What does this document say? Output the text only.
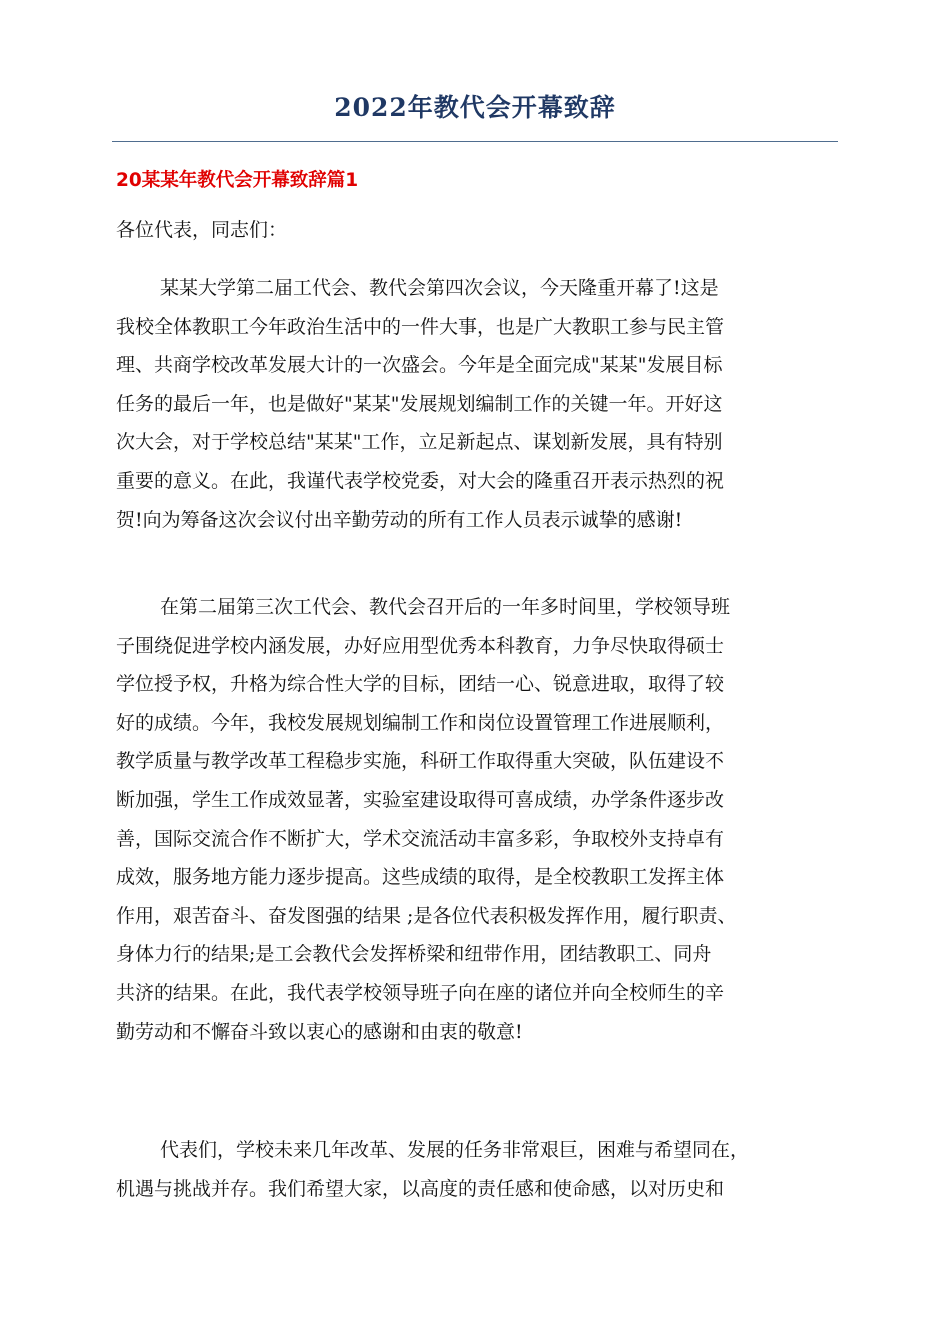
2022年教代会开幕致辞
20某某年教代会开幕致辞篇1

各位代表，同志们：

某某大学第二届工代会、教代会第四次会议，今天隆重开幕了!这是
我校全体教职工今年政治生活中的一件大事，也是广大教职工参与民主管
理、共商学校改革发展大计的一次盛会。今年是全面完成"某某"发展目标
任务的最后一年，也是做好"某某"发展规划编制工作的关键一年。开好这
次大会，对于学校总结"某某"工作，立足新起点、谋划新发展，具有特别
重要的意义。在此，我谨代表学校党委，对大会的隆重召开表示热烈的祝
贺!向为筹备这次会议付出辛勤劳动的所有工作人员表示诚挚的感谢!
在第二届第三次工代会、教代会召开后的一年多时间里，学校领导班
子围绕促进学校内涵发展，办好应用型优秀本科教育，力争尽快取得硕士
学位授予权，升格为综合性大学的目标，团结一心、锐意进取，取得了较
好的成绩。今年，我校发展规划编制工作和岗位设置管理工作进展顺利，
教学质量与教学改革工程稳步实施，科研工作取得重大突破，队伍建设不
断加强，学生工作成效显著，实验室建设取得可喜成绩，办学条件逐步改
善，国际交流合作不断扩大，学术交流活动丰富多彩，争取校外支持卓有
成效，服务地方能力逐步提高。这些成绩的取得，是全校教职工发挥主体
作用，艰苦奋斗、奋发图强的结果 ;是各位代表积极发挥作用，履行职责、
身体力行的结果;是工会教代会发挥桥梁和纽带作用，团结教职工、同舟
共济的结果。在此，我代表学校领导班子向在座的诸位并向全校师生的辛
勤劳动和不懈奋斗致以衷心的感谢和由衷的敬意!
代表们，学校未来几年改革、发展的任务非常艰巨，困难与希望同在，
机遇与挑战并存。我们希望大家，以高度的责任感和使命感，以对历史和
